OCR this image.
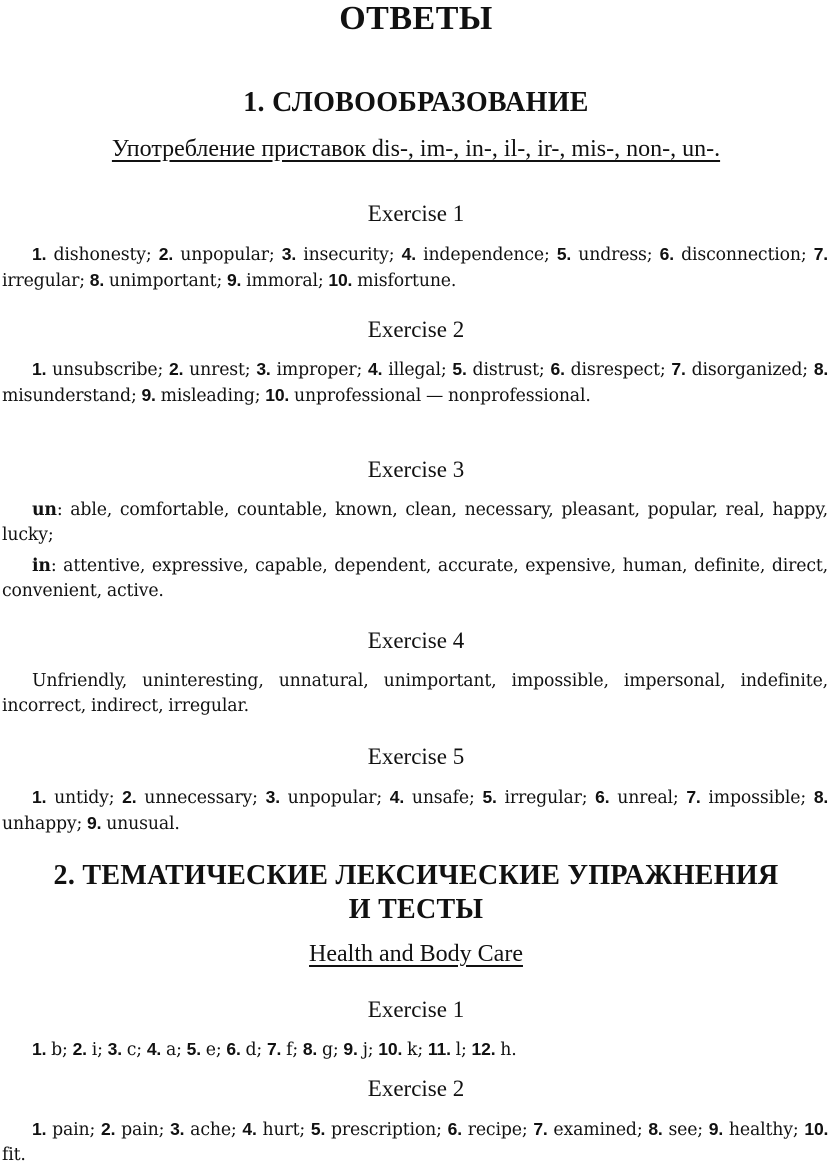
ОТВЕТЫ
1. СЛОВООБРАЗОВАНИЕ
Употребление приставок dis-, im-, in-, il-, ir-, mis-, non-, un-.
Exercise 1
1. dishonesty; 2. unpopular; 3. insecurity; 4. independence; 5. undress; 6. disconnection; 7. irregular; 8. unimportant; 9. immoral; 10. misfortune.
Exercise 2
1. unsubscribe; 2. unrest; 3. improper; 4. illegal; 5. distrust; 6. disrespect; 7. disorganized; 8. misunderstand; 9. misleading; 10. unprofessional — nonprofessional.
Exercise 3
un: able, comfortable, countable, known, clean, necessary, pleasant, popular, real, happy, lucky;
in: attentive, expressive, capable, dependent, accurate, expensive, human, definite, direct, convenient, active.
Exercise 4
Unfriendly, uninteresting, unnatural, unimportant, impossible, impersonal, indefinite, incorrect, indirect, irregular.
Exercise 5
1. untidy; 2. unnecessary; 3. unpopular; 4. unsafe; 5. irregular; 6. unreal; 7. impossible; 8. unhappy; 9. unusual.
2. ТЕМАТИЧЕСКИЕ ЛЕКСИЧЕСКИЕ УПРАЖНЕНИЯ
И ТЕСТЫ
Health and Body Care
Exercise 1
1. b; 2. i; 3. c; 4. a; 5. e; 6. d; 7. f; 8. g; 9. j; 10. k; 11. l; 12. h.
Exercise 2
1. pain; 2. pain; 3. ache; 4. hurt; 5. prescription; 6. recipe; 7. examined; 8. see; 9. healthy; 10. fit.
